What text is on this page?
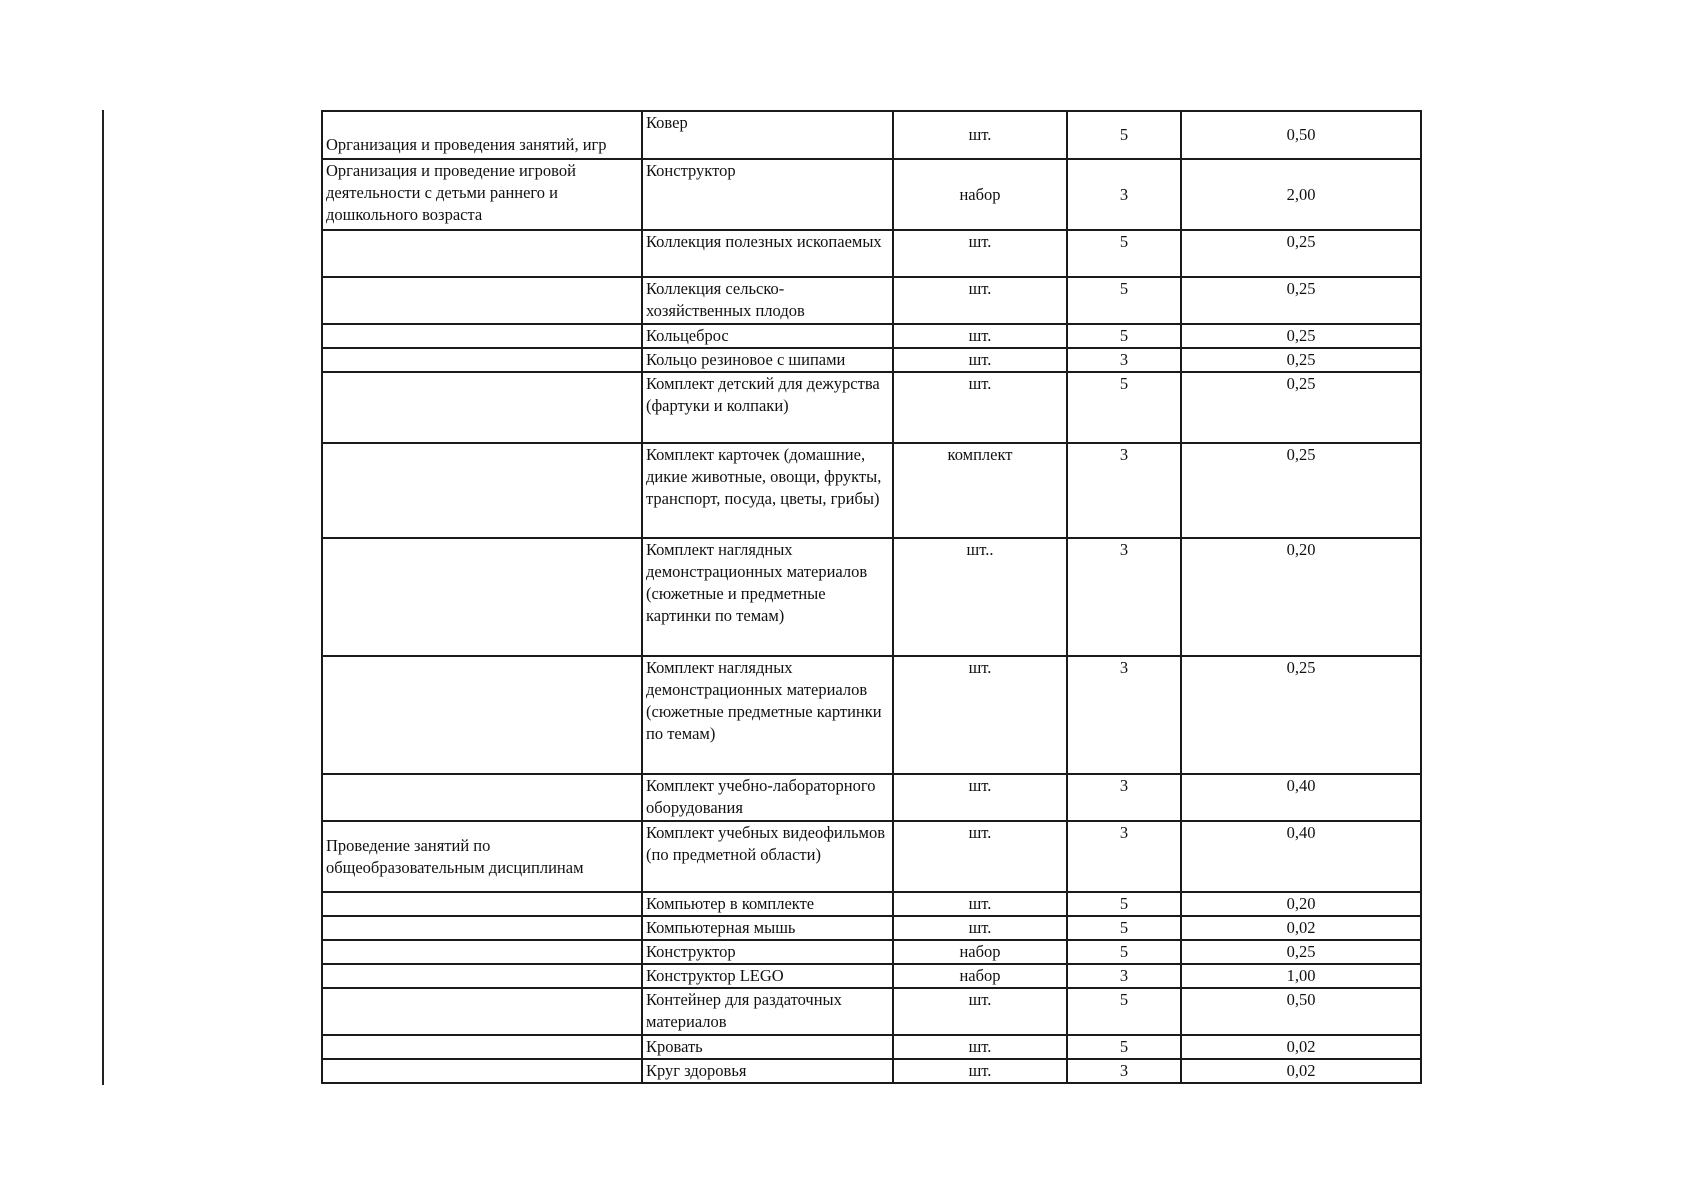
Организация и проведения занятий, игр	Ковер	шт.	5	0,50
Организация и проведение игровой деятельности с детьми раннего и дошкольного возраста	Конструктор	набор	3	2,00
	Коллекция полезных ископаемых	шт.	5	0,25
	Коллекция сельско-хозяйственных плодов	шт.	5	0,25
	Кольцеброс	шт.	5	0,25
	Кольцо резиновое с шипами	шт.	3	0,25
	Комплект детский для дежурства (фартуки и колпаки)	шт.	5	0,25
	Комплект карточек (домашние, дикие животные, овощи, фрукты, транспорт, посуда, цветы, грибы)	комплект	3	0,25
	Комплект наглядных демонстрационных материалов (сюжетные и предметные картинки по темам)	шт..	3	0,20
	Комплект наглядных демонстрационных материалов (сюжетные предметные картинки по темам)	шт.	3	0,25
	Комплект учебно-лабораторного оборудования	шт.	3	0,40
Проведение занятий по общеобразовательным дисциплинам	Комплект учебных видеофильмов (по предметной области)	шт.	3	0,40
	Компьютер в комплекте	шт.	5	0,20
	Компьютерная мышь	шт.	5	0,02
	Конструктор	набор	5	0,25
	Конструктор LEGO	набор	3	1,00
	Контейнер для раздаточных материалов	шт.	5	0,50
	Кровать	шт.	5	0,02
	Круг здоровья	шт.	3	0,02
